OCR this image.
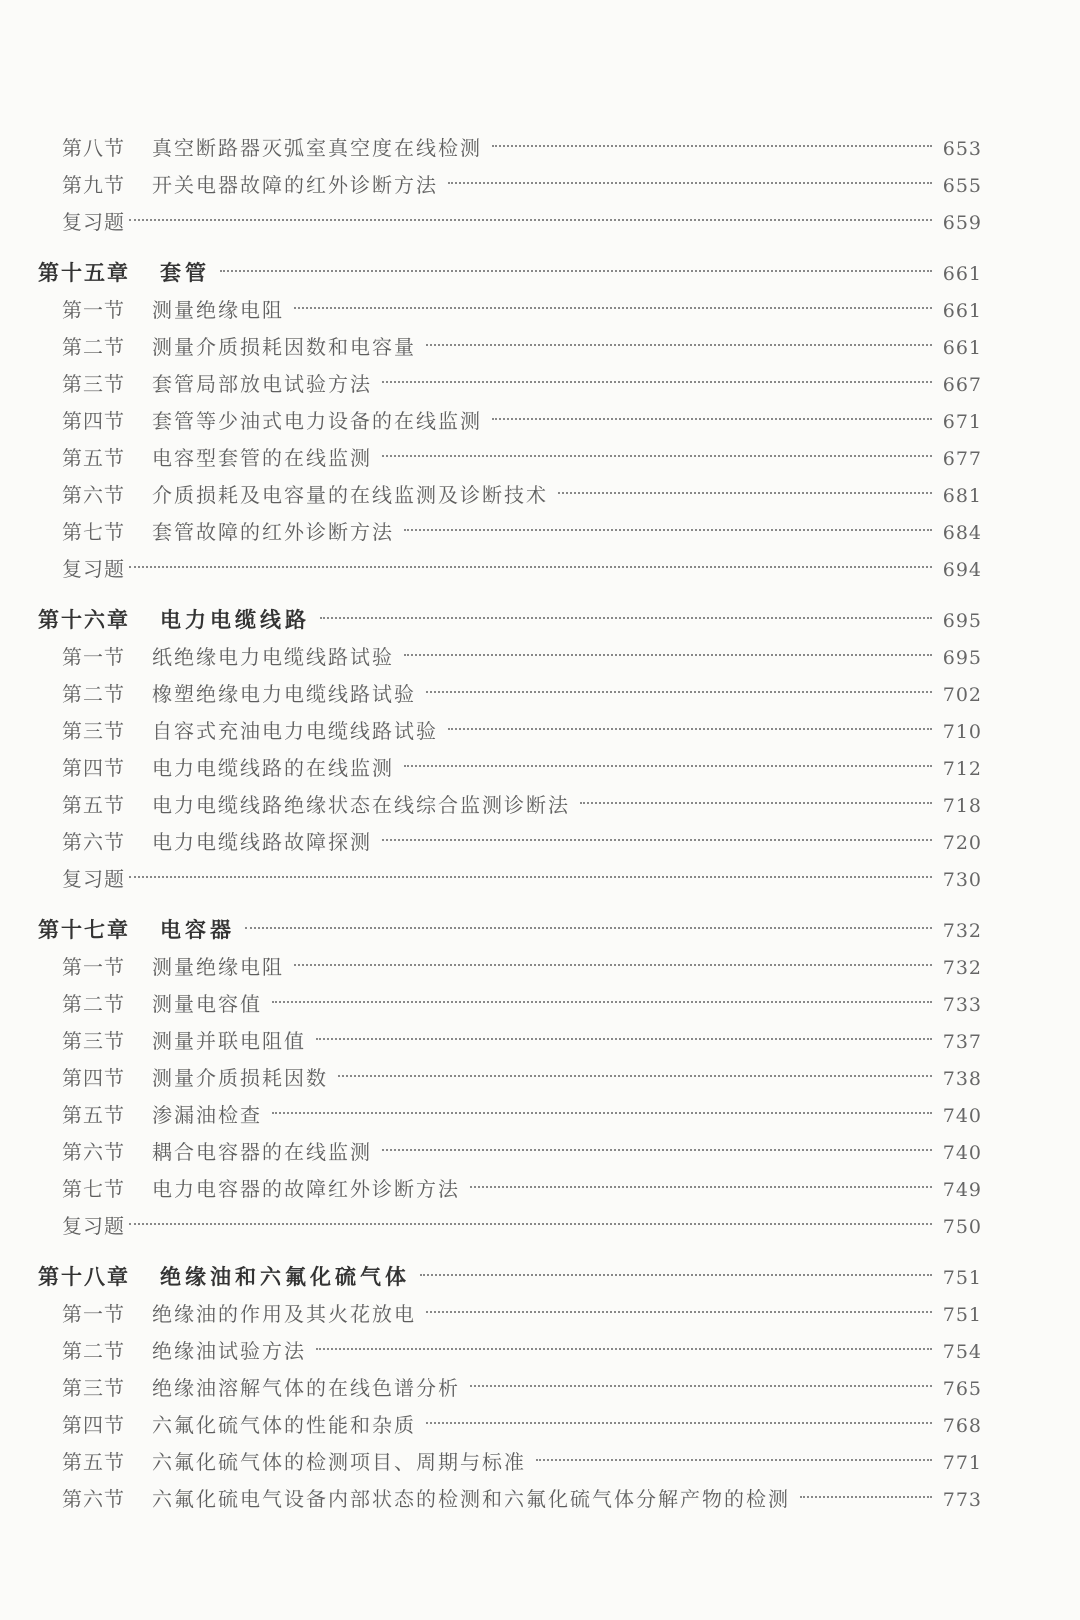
第八节	真空断路器灭弧室真空度在线检测	653
第九节	开关电器故障的红外诊断方法	655
复习题	659
第十五章	套管	661
第一节	测量绝缘电阻	661
第二节	测量介质损耗因数和电容量	661
第三节	套管局部放电试验方法	667
第四节	套管等少油式电力设备的在线监测	671
第五节	电容型套管的在线监测	677
第六节	介质损耗及电容量的在线监测及诊断技术	681
第七节	套管故障的红外诊断方法	684
复习题	694
第十六章	电力电缆线路	695
第一节	纸绝缘电力电缆线路试验	695
第二节	橡塑绝缘电力电缆线路试验	702
第三节	自容式充油电力电缆线路试验	710
第四节	电力电缆线路的在线监测	712
第五节	电力电缆线路绝缘状态在线综合监测诊断法	718
第六节	电力电缆线路故障探测	720
复习题	730
第十七章	电容器	732
第一节	测量绝缘电阻	732
第二节	测量电容值	733
第三节	测量并联电阻值	737
第四节	测量介质损耗因数	738
第五节	渗漏油检查	740
第六节	耦合电容器的在线监测	740
第七节	电力电容器的故障红外诊断方法	749
复习题	750
第十八章	绝缘油和六氟化硫气体	751
第一节	绝缘油的作用及其火花放电	751
第二节	绝缘油试验方法	754
第三节	绝缘油溶解气体的在线色谱分析	765
第四节	六氟化硫气体的性能和杂质	768
第五节	六氟化硫气体的检测项目、周期与标准	771
第六节	六氟化硫电气设备内部状态的检测和六氟化硫气体分解产物的检测	773
